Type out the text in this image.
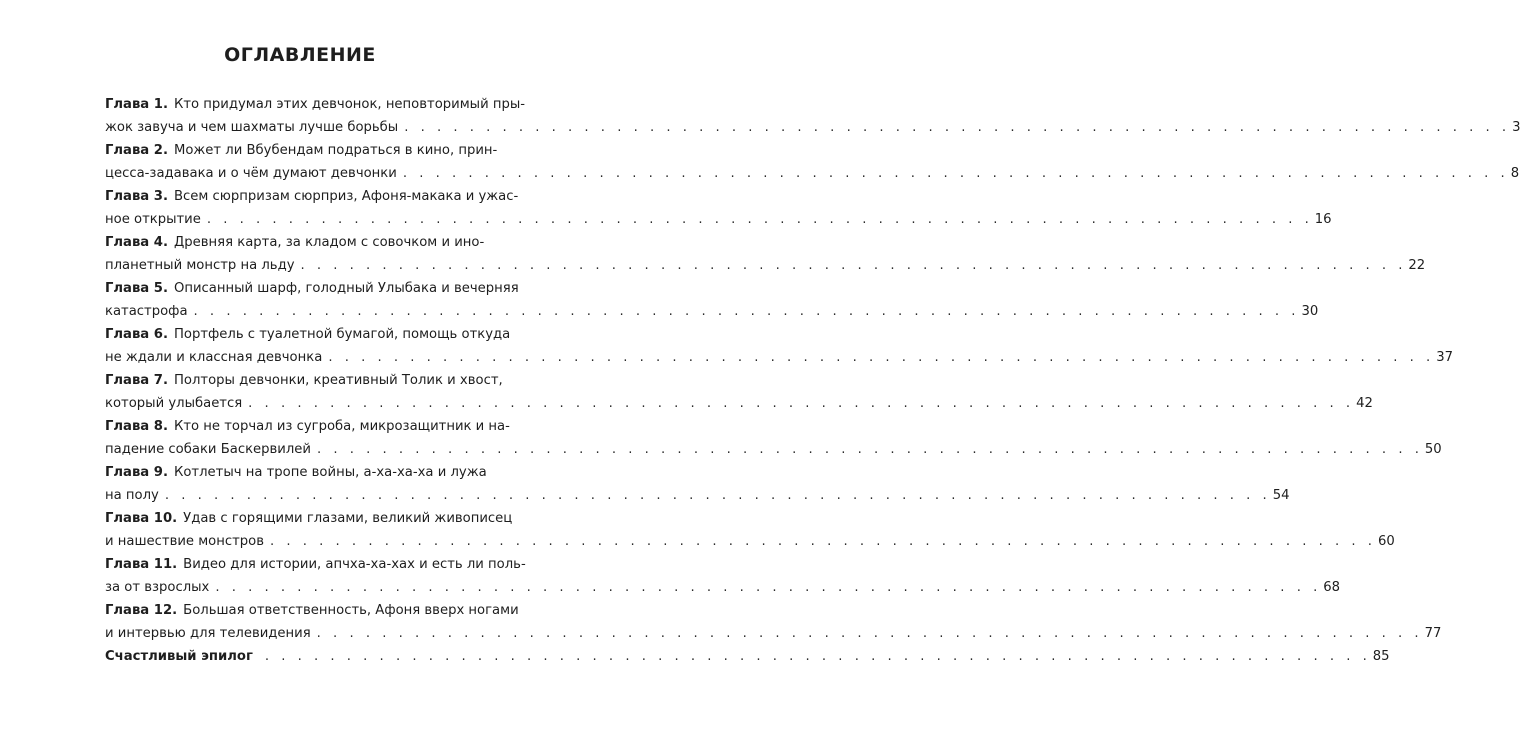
ОГЛАВЛЕНИЕ
Глава 1. Кто придумал этих девчонок, неповторимый пры-
жок завуча и чем шахматы лучше борьбы . . . . . . . . . . . . . . . . . . . . . . . . . . . . . . . . . . . . . . . . . . . . . . . . . . . . . . . . . . . . . . . . . . . . 3
Глава 2. Может ли Вбубендам подраться в кино, прин-
цесса-задавака и о чём думают девчонки . . . . . . . . . . . . . . . . . . . . . . . . . . . . . . . . . . . . . . . . . . . . . . . . . . . . . . . . . . . . . . . . . . . . 8
Глава 3. Всем сюрпризам сюрприз, Афоня-макака и ужас-
ное открытие . . . . . . . . . . . . . . . . . . . . . . . . . . . . . . . . . . . . . . . . . . . . . . . . . . . . . . . . . . . . . . . . . . . . 16
Глава 4. Древняя карта, за кладом с совочком и ино-
планетный монстр на льду . . . . . . . . . . . . . . . . . . . . . . . . . . . . . . . . . . . . . . . . . . . . . . . . . . . . . . . . . . . . . . . . . . . . 22
Глава 5. Описанный шарф, голодный Улыбака и вечерняя
катастрофа . . . . . . . . . . . . . . . . . . . . . . . . . . . . . . . . . . . . . . . . . . . . . . . . . . . . . . . . . . . . . . . . . . . . 30
Глава 6. Портфель с туалетной бумагой, помощь откуда
не ждали и классная девчонка . . . . . . . . . . . . . . . . . . . . . . . . . . . . . . . . . . . . . . . . . . . . . . . . . . . . . . . . . . . . . . . . . . . . 37
Глава 7. Полторы девчонки, креативный Толик и хвост,
который улыбается . . . . . . . . . . . . . . . . . . . . . . . . . . . . . . . . . . . . . . . . . . . . . . . . . . . . . . . . . . . . . . . . . . . . 42
Глава 8. Кто не торчал из сугроба, микрозащитник и на-
падение собаки Баскервилей . . . . . . . . . . . . . . . . . . . . . . . . . . . . . . . . . . . . . . . . . . . . . . . . . . . . . . . . . . . . . . . . . . . . 50
Глава 9. Котлетыч на тропе войны, а-ха-ха-ха и лужа
на полу . . . . . . . . . . . . . . . . . . . . . . . . . . . . . . . . . . . . . . . . . . . . . . . . . . . . . . . . . . . . . . . . . . . . 54
Глава 10. Удав с горящими глазами, великий живописец
и нашествие монстров . . . . . . . . . . . . . . . . . . . . . . . . . . . . . . . . . . . . . . . . . . . . . . . . . . . . . . . . . . . . . . . . . . . . 60
Глава 11. Видео для истории, апчха-ха-хах и есть ли поль-
за от взрослых . . . . . . . . . . . . . . . . . . . . . . . . . . . . . . . . . . . . . . . . . . . . . . . . . . . . . . . . . . . . . . . . . . . . 68
Глава 12. Большая ответственность, Афоня вверх ногами
и интервью для телевидения . . . . . . . . . . . . . . . . . . . . . . . . . . . . . . . . . . . . . . . . . . . . . . . . . . . . . . . . . . . . . . . . . . . . 77
Счастливый эпилог . . . . . . . . . . . . . . . . . . . . . . . . . . . . . . . . . . . . . . . . . . . . . . . . . . . . . . . . . . . . . . . . . . . . 85
